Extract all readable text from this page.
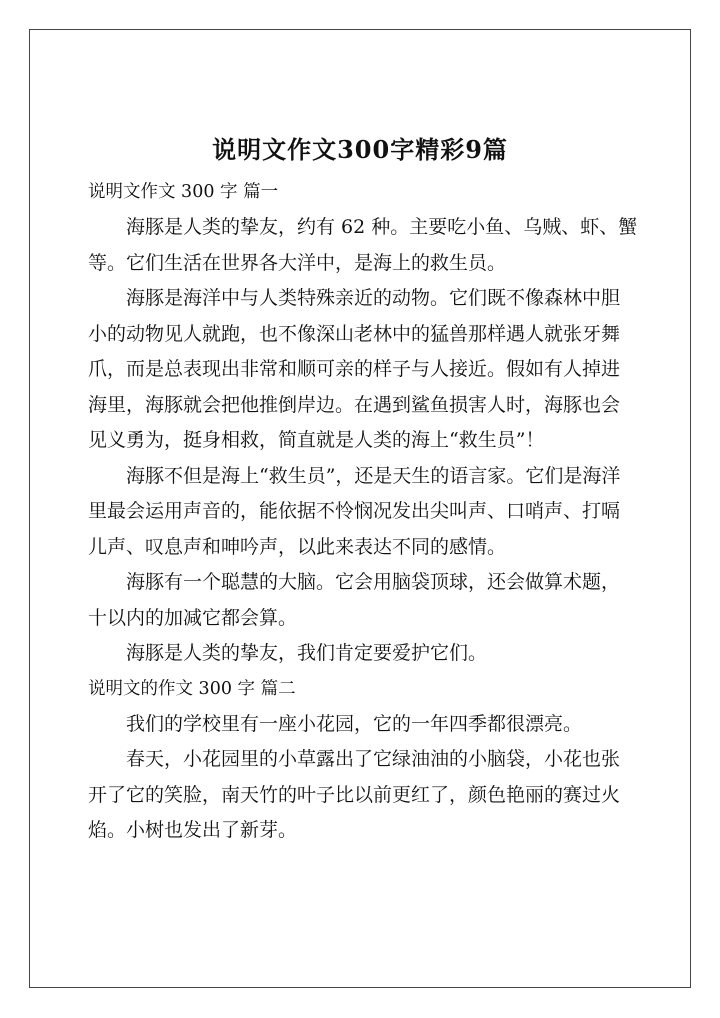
说明文作文300字精彩9篇
说明文作文 300 字 篇一

海豚是人类的挚友，约有 62 种。主要吃小鱼、乌贼、虾、蟹
等。它们生活在世界各大洋中，是海上的救生员。

海豚是海洋中与人类特殊亲近的动物。它们既不像森林中胆
小的动物见人就跑，也不像深山老林中的猛兽那样遇人就张牙舞
爪，而是总表现出非常和顺可亲的样子与人接近。假如有人掉进
海里，海豚就会把他推倒岸边。在遇到鲨鱼损害人时，海豚也会
见义勇为，挺身相救，简直就是人类的海上“救生员”！

海豚不但是海上“救生员”，还是天生的语言家。它们是海洋
里最会运用声音的，能依据不怜悯况发出尖叫声、口哨声、打嗝
儿声、叹息声和呻吟声，以此来表达不同的感情。

海豚有一个聪慧的大脑。它会用脑袋顶球，还会做算术题，
十以内的加减它都会算。

海豚是人类的挚友，我们肯定要爱护它们。

说明文的作文 300 字 篇二

我们的学校里有一座小花园，它的一年四季都很漂亮。

春天，小花园里的小草露出了它绿油油的小脑袋，小花也张
开了它的笑脸，南天竹的叶子比以前更红了，颜色艳丽的赛过火
焰。小树也发出了新芽。
